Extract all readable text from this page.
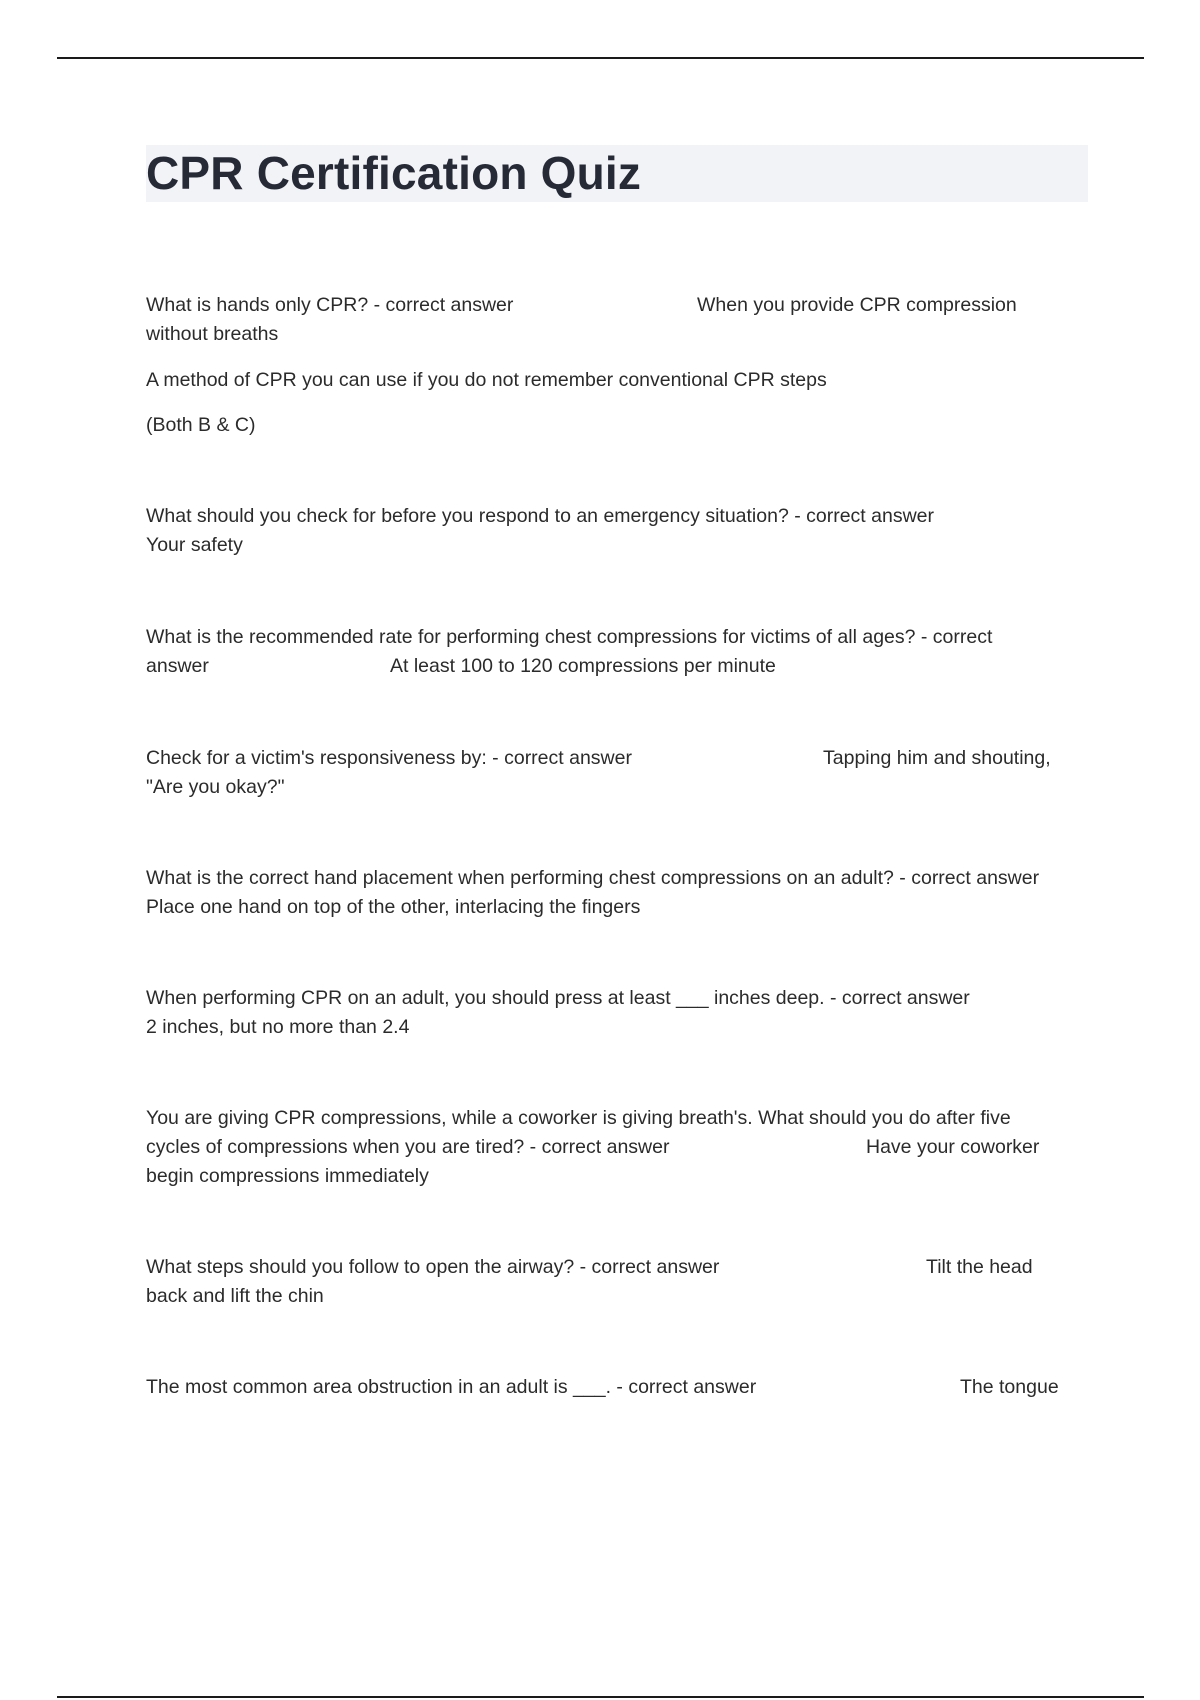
CPR Certification Quiz
What is hands only CPR? - correct answer	When you provide CPR compression
without breaths
A method of CPR you can use if you do not remember conventional CPR steps
(Both B & C)
What should you check for before you respond to an emergency situation? - correct answer
Your safety
What is the recommended rate for performing chest compressions for victims of all ages? - correct
answer	At least 100 to 120 compressions per minute
Check for a victim's responsiveness by: - correct answer	Tapping him and shouting,
"Are you okay?"
What is the correct hand placement when performing chest compressions on an adult? - correct answer
Place one hand on top of the other, interlacing the fingers
When performing CPR on an adult, you should press at least ___ inches deep. - correct answer
2 inches, but no more than 2.4
You are giving CPR compressions, while a coworker is giving breath's. What should you do after five
cycles of compressions when you are tired? - correct answer	Have your coworker
begin compressions immediately
What steps should you follow to open the airway? - correct answer	Tilt the head
back and lift the chin
The most common area obstruction in an adult is ___. - correct answer	The tongue
